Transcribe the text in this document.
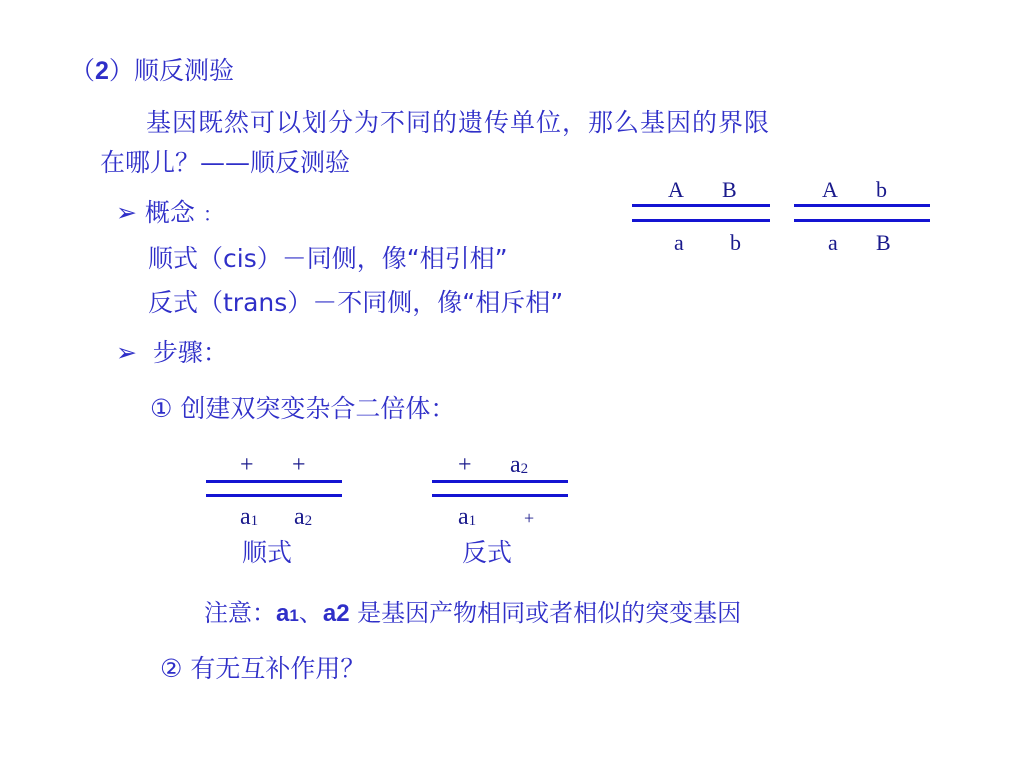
（2）顺反测验
基因既然可以划分为不同的遗传单位，那么基因的界限
在哪儿？——顺反测验
➢ 概念 ：
顺式（cis）－同侧，像“相引相”
反式（trans）－不同侧，像“相斥相”
A B
a b
A b
a B
➢ 步骤：
① 创建双突变杂合二倍体：
+ +
$a_1$ $a_2$
顺式
+ $a_2$
$a_1$	+
反式
注意：a1、a2 是基因产物相同或者相似的突变基因
② 有无互补作用？
